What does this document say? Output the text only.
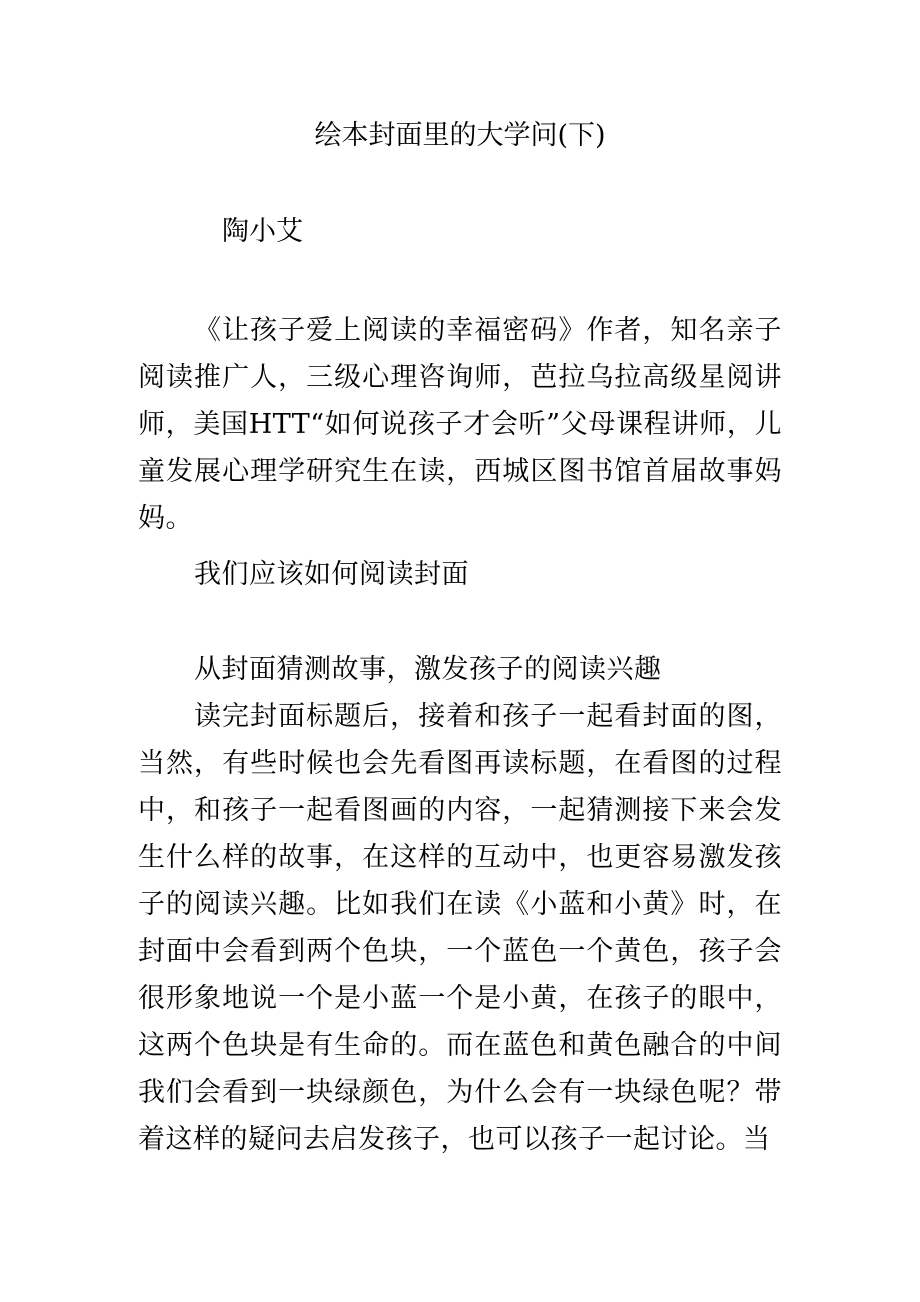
绘本封面里的大学问(下)

陶小艾

《让孩子爱上阅读的幸福密码》作者，知名亲子阅读推广人，三级心理咨询师，芭拉乌拉高级星阅讲师，美国HTT“如何说孩子才会听”父母课程讲师，儿童发展心理学研究生在读，西城区图书馆首届故事妈妈。

我们应该如何阅读封面

从封面猜测故事，激发孩子的阅读兴趣

读完封面标题后，接着和孩子一起看封面的图，当然，有些时候也会先看图再读标题，在看图的过程中，和孩子一起看图画的内容，一起猜测接下来会发生什么样的故事，在这样的互动中，也更容易激发孩子的阅读兴趣。比如我们在读《小蓝和小黄》时，在封面中会看到两个色块，一个蓝色一个黄色，孩子会很形象地说一个是小蓝一个是小黄，在孩子的眼中，这两个色块是有生命的。而在蓝色和黄色融合的中间我们会看到一块绿颜色，为什么会有一块绿色呢？带着这样的疑问去启发孩子，也可以孩子一起讨论。当
